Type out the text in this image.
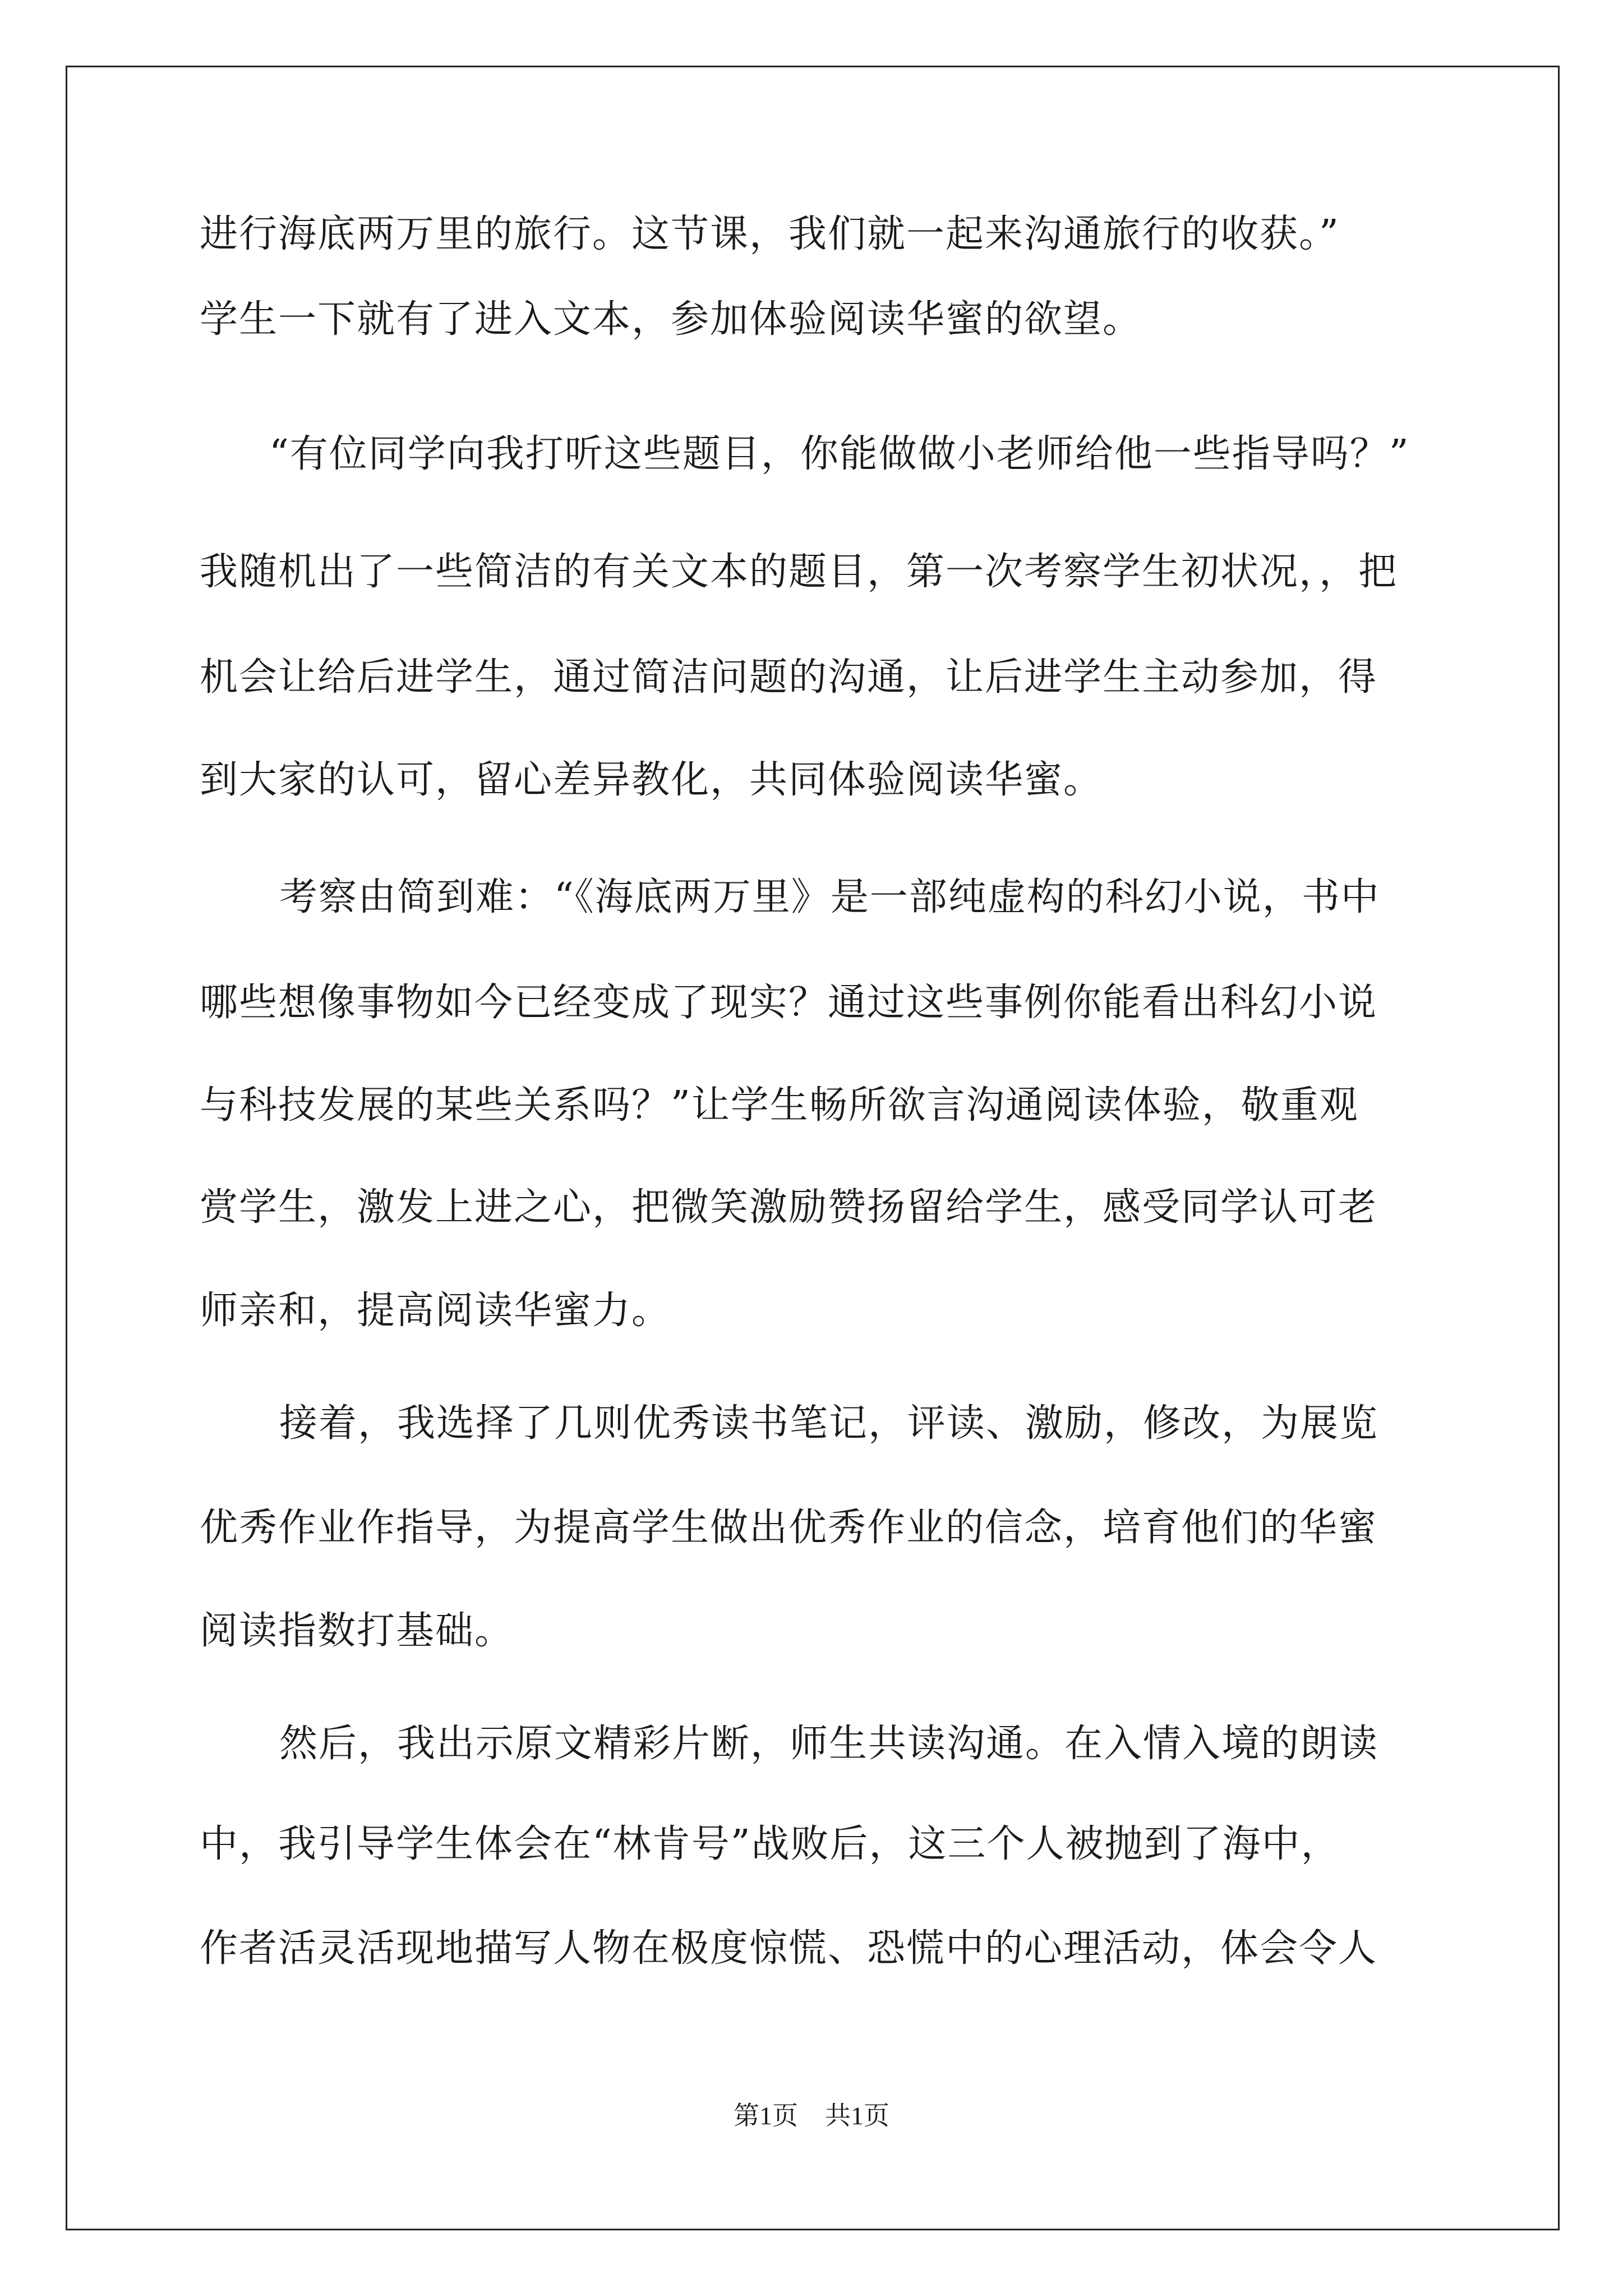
进行海底两万里的旅行。这节课，我们就一起来沟通旅行的收获。”
学生一下就有了进入文本，参加体验阅读华蜜的欲望。
“有位同学向我打听这些题目，你能做做小老师给他一些指导吗？”
我随机出了一些简洁的有关文本的题目，第一次考察学生初状况，，把
机会让给后进学生，通过简洁问题的沟通，让后进学生主动参加，得
到大家的认可，留心差异教化，共同体验阅读华蜜。
考察由简到难：“《海底两万里》是一部纯虚构的科幻小说，书中
哪些想像事物如今已经变成了现实？通过这些事例你能看出科幻小说
与科技发展的某些关系吗？”让学生畅所欲言沟通阅读体验，敬重观
赏学生，激发上进之心，把微笑激励赞扬留给学生，感受同学认可老
师亲和，提高阅读华蜜力。
接着，我选择了几则优秀读书笔记，评读、激励，修改，为展览
优秀作业作指导，为提高学生做出优秀作业的信念，培育他们的华蜜
阅读指数打基础。
然后，我出示原文精彩片断，师生共读沟通。在入情入境的朗读
中，我引导学生体会在“林肯号”战败后，这三个人被抛到了海中，
作者活灵活现地描写人物在极度惊慌、恐慌中的心理活动，体会令人
第1页 共1页
